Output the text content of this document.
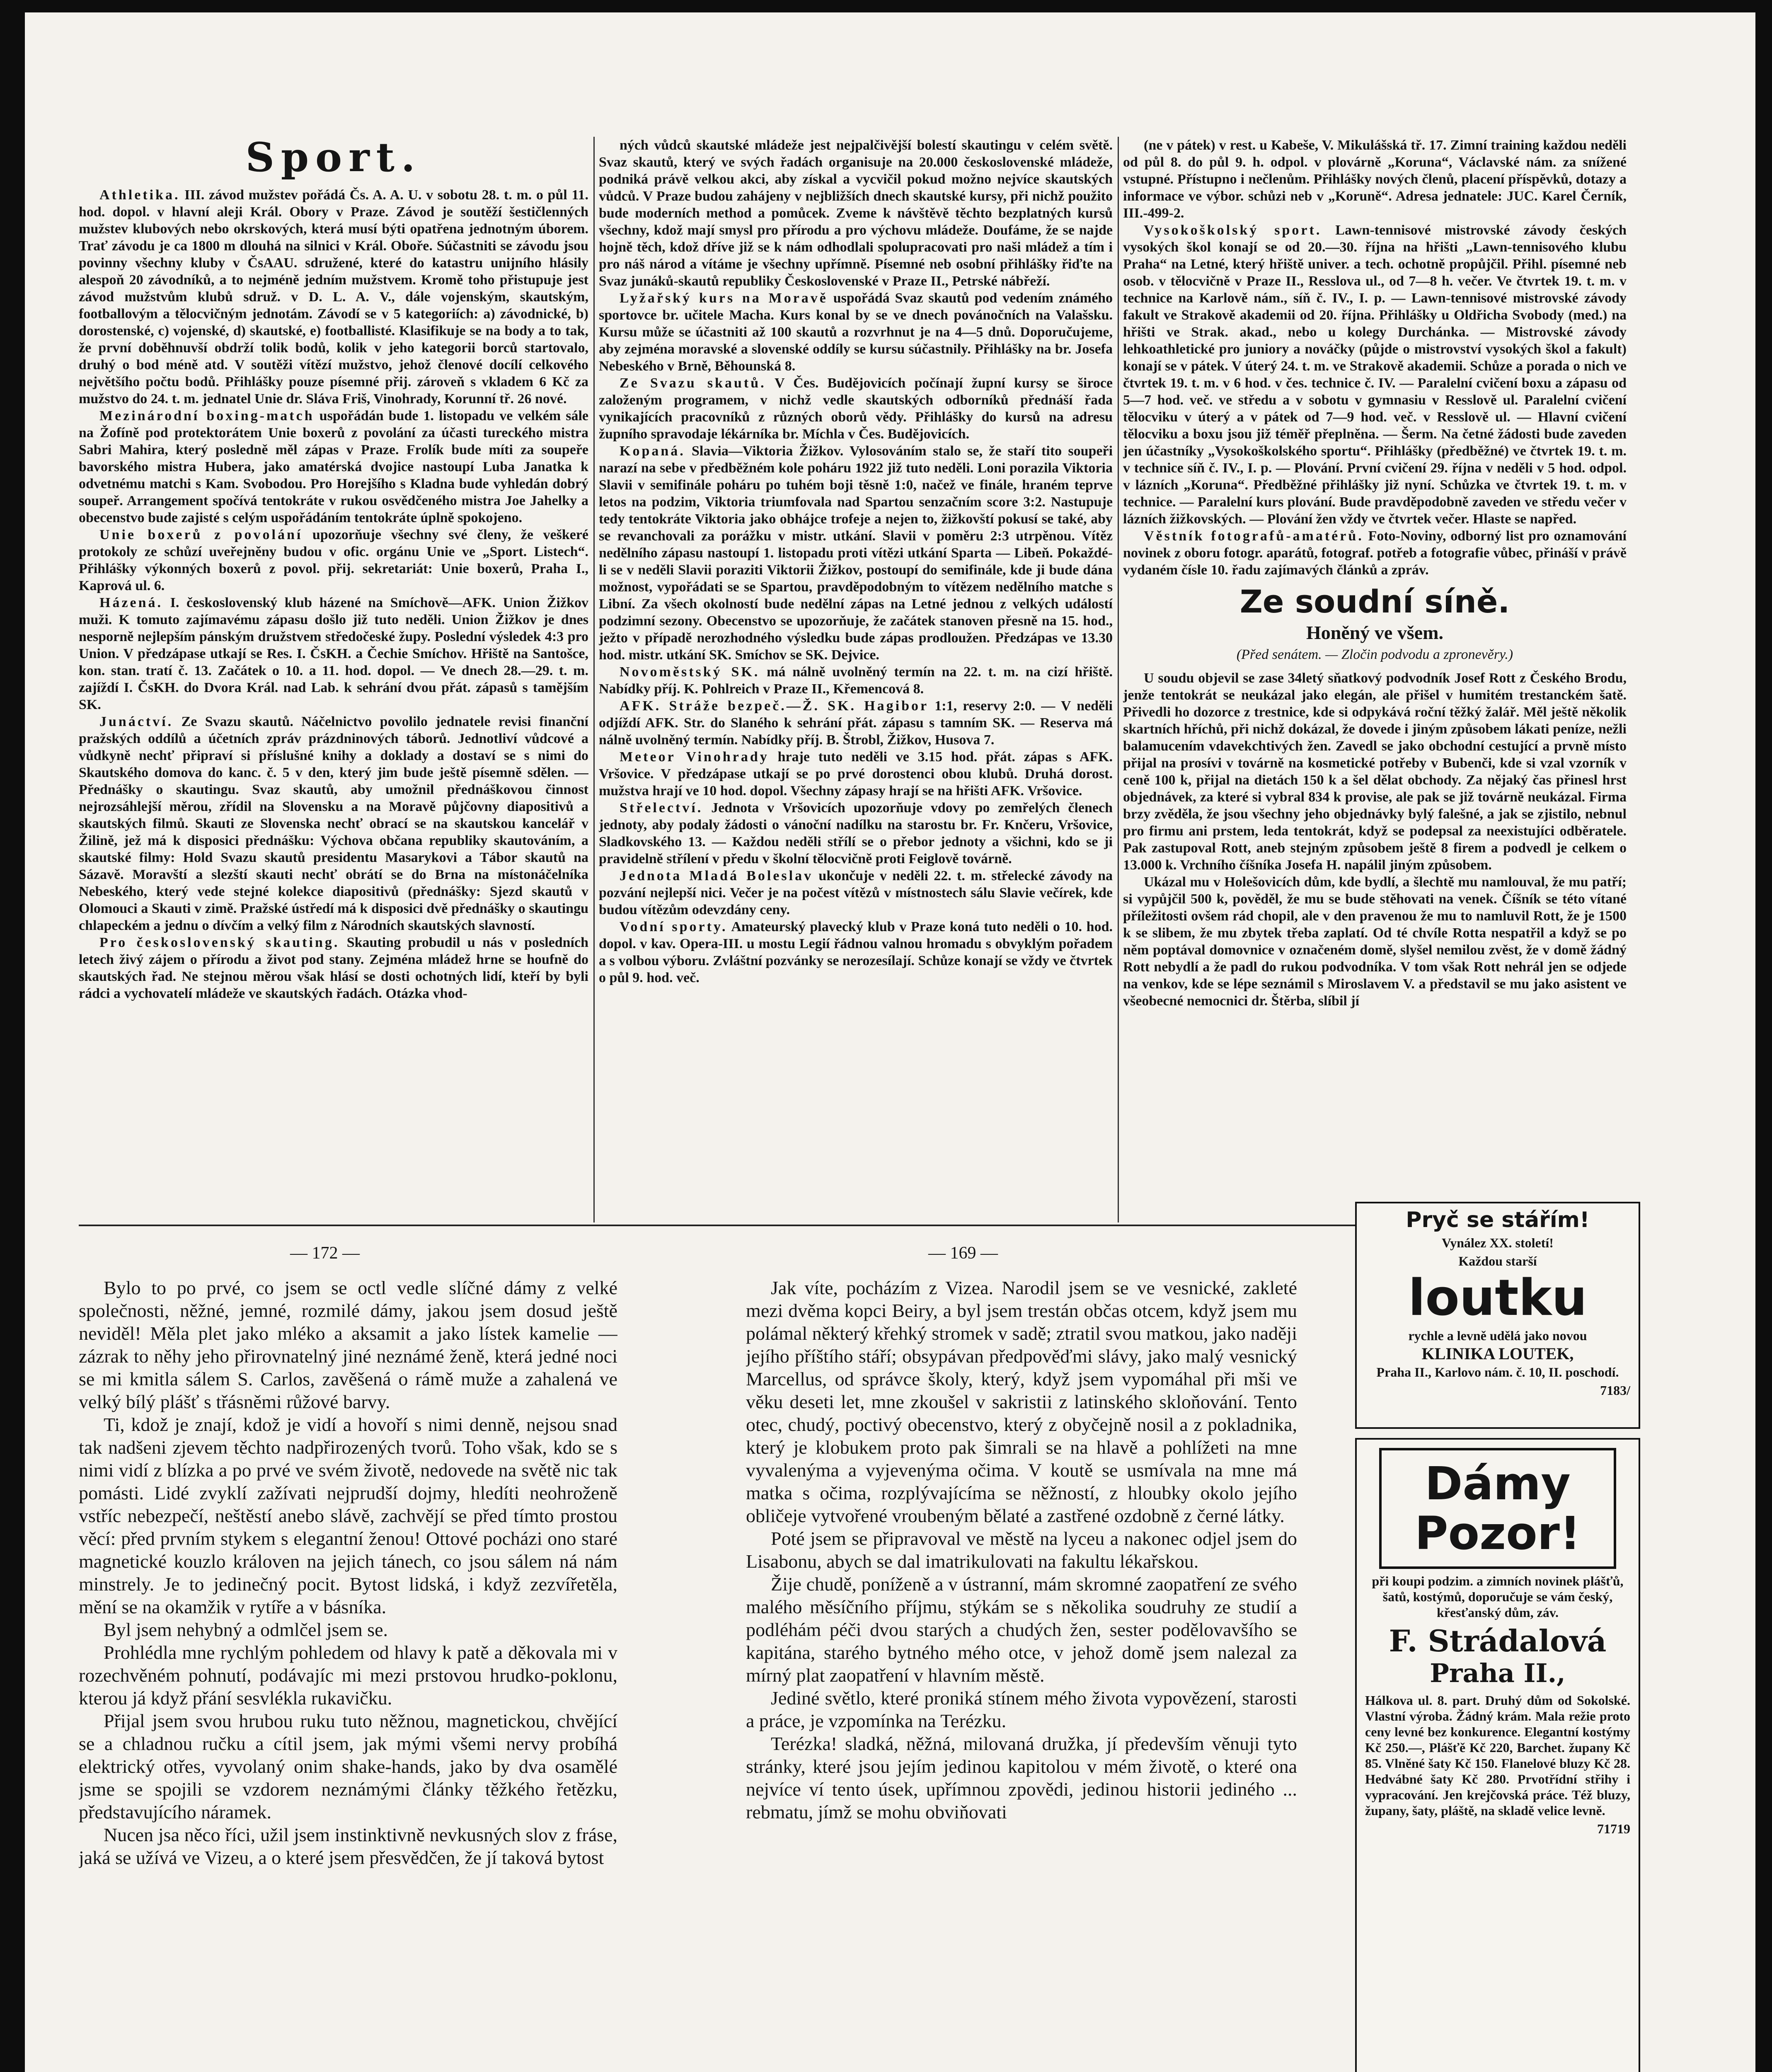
Sport.

Athletika. III. závod mužstev pořádá Čs. A. A. U. v sobotu 28. t. m. o půl 11. hod. dopol. v hlavní aleji Král. Obory v Praze. Závod je soutěží šestičlenných mužstev klubových nebo okrskových, která musí býti opatřena jednotným úborem. Trať závodu je ca 1800 m dlouhá na silnici v Král. Oboře. Súčastniti se závodu jsou povinny všechny kluby v ČsAAU. sdružené, které do katastru unijního hlásily alespoň 20 závodníků, a to nejméně jedním mužstvem. Kromě toho přistupuje jest závod mužstvům klubů sdruž. v D. L. A. V., dále vojenským, skautským, footballovým a tělocvičným jednotám. Závodí se v 5 kategoriích: a) závodnické, b) dorostenské, c) vojenské, d) skautské, e) footballisté. Klasifikuje se na body a to tak, že první doběhnuvší obdrží tolik bodů, kolik v jeho kategorii borců startovalo, druhý o bod méně atd. V soutěži vítězí mužstvo, jehož členové docílí celkového největšího počtu bodů. Přihlášky pouze písemné přij. zároveň s vkladem 6 Kč za mužstvo do 24. t. m. jednatel Unie dr. Sláva Friš, Vinohrady, Korunní tř. 26 nové.

Mezinárodní boxing-match uspořádán bude 1. listopadu ve velkém sále na Žofíně pod protektorátem Unie boxerů z povolání za účasti tureckého mistra Sabri Mahira, který posledně měl zápas v Praze. Frolík bude míti za soupeře bavorského mistra Hubera, jako amatérská dvojice nastoupí Luba Janatka k odvetnému matchi s Kam. Svobodou. Pro Horejšího s Kladna bude vyhledán dobrý soupeř. Arrangement spočívá tentokráte v rukou osvědčeného mistra Joe Jahelky a obecenstvo bude zajisté s celým uspořádáním tentokráte úplně spokojeno.

Unie boxerů z povolání upozorňuje všechny své členy, že veškeré protokoly ze schůzí uveřejněny budou v ofic. orgánu Unie ve „Sport. Listech“. Přihlášky výkonných boxerů z povol. přij. sekretariát: Unie boxerů, Praha I., Kaprová ul. 6.

Házená. I. československý klub házené na Smíchově—AFK. Union Žižkov muži. K tomuto zajímavému zápasu došlo již tuto neděli. Union Žižkov je dnes nesporně nejlepším pánským družstvem středočeské župy. Poslední výsledek 4:3 pro Union. V předzápase utkají se Res. I. ČsKH. a Čechie Smíchov. Hřiště na Santošce, kon. stan. tratí č. 13. Začátek o 10. a 11. hod. dopol. — Ve dnech 28.—29. t. m. zajíždí I. ČsKH. do Dvora Král. nad Lab. k sehrání dvou přát. zápasů s tamějším SK.

Junáctví. Ze Svazu skautů. Náčelnictvo povolilo jednatele revisi finanční pražských oddílů a účetních zpráv prázdninových táborů. Jednotliví vůdcové a vůdkyně nechť připraví si příslušné knihy a doklady a dostaví se s nimi do Skautského domova do kanc. č. 5 v den, který jim bude ještě písemně sdělen. — Přednášky o skautingu. Svaz skautů, aby umožnil přednáškovou činnost nejrozsáhlejší měrou, zřídil na Slovensku a na Moravě půjčovny diapositivů a skautských filmů. Skauti ze Slovenska nechť obrací se na skautskou kancelář v Žilině, jež má k disposici přednášku: Výchova občana republiky skautováním, a skautské filmy: Hold Svazu skautů presidentu Masarykovi a Tábor skautů na Sázavě. Moravští a slezští skauti nechť obrátí se do Brna na místonáčelníka Nebeského, který vede stejné kolekce diapositivů (přednášky: Sjezd skautů v Olomouci a Skauti v zimě. Pražské ústředí má k disposici dvě přednášky o skautingu chlapeckém a jednu o dívčím a velký film z Národních skautských slavností.

Pro československý skauting. Skauting probudil u nás v posledních letech živý zájem o přírodu a život pod stany. Zejména mládež hrne se houfně do skautských řad. Ne stejnou měrou však hlásí se dosti ochotných lidí, kteří by byli rádci a vychovatelí mládeže ve skautských řadách. Otázka vhod-

ných vůdců skautské mládeže jest nejpalčivější bolestí skautingu v celém světě. Svaz skautů, který ve svých řadách organisuje na 20.000 československé mládeže, podniká právě velkou akci, aby získal a vycvičil pokud možno nejvíce skautských vůdců. V Praze budou zahájeny v nejbližších dnech skautské kursy, při nichž použito bude moderních method a pomůcek. Zveme k návštěvě těchto bezplatných kursů všechny, kdož mají smysl pro přírodu a pro výchovu mládeže. Doufáme, že se najde hojně těch, kdož dříve již se k nám odhodlali spolupracovati pro naši mládež a tím i pro náš národ a vítáme je všechny upřímně. Písemné neb osobní přihlášky řiďte na Svaz junáků-skautů republiky Československé v Praze II., Petrské nábřeží.

Lyžařský kurs na Moravě uspořádá Svaz skautů pod vedením známého sportovce br. učitele Macha. Kurs konal by se ve dnech povánočních na Valašsku. Kursu může se účastniti až 100 skautů a rozvrhnut je na 4—5 dnů. Doporučujeme, aby zejména moravské a slovenské oddíly se kursu súčastnily. Přihlášky na br. Josefa Nebeského v Brně, Běhounská 8.

Ze Svazu skautů. V Čes. Budějovicích počínají župní kursy se široce založeným programem, v nichž vedle skautských odborníků přednáší řada vynikajících pracovníků z různých oborů vědy. Přihlášky do kursů na adresu župního spravodaje lékárníka br. Míchla v Čes. Budějovicích.

Kopaná. Slavia—Viktoria Žižkov. Vylosováním stalo se, že staří tito soupeři narazí na sebe v předběžném kole poháru 1922 již tuto neděli. Loni porazila Viktoria Slavii v semifinále poháru po tuhém boji těsně 1:0, načež ve finále, hraném teprve letos na podzim, Viktoria triumfovala nad Spartou senzačním score 3:2. Nastupuje tedy tentokráte Viktoria jako obhájce trofeje a nejen to, žižkovští pokusí se také, aby se revanchovali za porážku v mistr. utkání. Slavii v poměru 2:3 utrpěnou. Vítěz nedělního zápasu nastoupí 1. listopadu proti vítězi utkání Sparta — Libeň. Pokaždé-li se v neděli Slavii poraziti Viktorii Žižkov, postoupí do semifinále, kde ji bude dána možnost, vypořádati se se Spartou, pravděpodobným to vítězem nedělního matche s Libní. Za všech okolností bude nedělní zápas na Letné jednou z velkých událostí podzimní sezony. Obecenstvo se upozorňuje, že začátek stanoven přesně na 15. hod., ježto v případě nerozhodného výsledku bude zápas prodloužen. Předzápas ve 13.30 hod. mistr. utkání SK. Smíchov se SK. Dejvice.

Novoměstský SK. má nálně uvolněný termín na 22. t. m. na cizí hřiště. Nabídky příj. K. Pohlreich v Praze II., Křemencová 8.

AFK. Stráže bezpeč.—Ž. SK. Hagibor 1:1, reservy 2:0. — V neděli odjíždí AFK. Str. do Slaného k sehrání přát. zápasu s tamním SK. — Reserva má nálně uvolněný termín. Nabídky příj. B. Štrobl, Žižkov, Husova 7.

Meteor Vinohrady hraje tuto neděli ve 3.15 hod. přát. zápas s AFK. Vršovice. V předzápase utkají se po prvé dorostenci obou klubů. Druhá dorost. mužstva hrají ve 10 hod. dopol. Všechny zápasy hrají se na hřišti AFK. Vršovice.

Střelectví. Jednota v Vršovicích upozorňuje vdovy po zemřelých členech jednoty, aby podaly žádosti o vánoční nadílku na starostu br. Fr. Knčeru, Vršovice, Sladkovského 13. — Každou neděli střílí se o přebor jednoty a všichni, kdo se ji pravidelně střílení v předu v školní tělocvičně proti Feiglově továrně.

Jednota Mladá Boleslav ukončuje v neděli 22. t. m. střelecké závody na pozvání nejlepší nici. Večer je na počest vítězů v místnostech sálu Slavie večírek, kde budou vítězům odevzdány ceny.

Vodní sporty. Amateurský plavecký klub v Praze koná tuto neděli o 10. hod. dopol. v kav. Opera-III. u mostu Legií řádnou valnou hromadu s obvyklým pořadem a s volbou výboru. Zvláštní pozvánky se nerozesílají. Schůze konají se vždy ve čtvrtek o půl 9. hod. več.

(ne v pátek) v rest. u Kabeše, V. Mikulášská tř. 17. Zimní training každou neděli od půl 8. do půl 9. h. odpol. v plovárně „Koruna“, Václavské nám. za snížené vstupné. Přístupno i nečlenům. Přihlášky nových členů, placení příspěvků, dotazy a informace ve výbor. schůzi neb v „Koruně“. Adresa jednatele: JUC. Karel Černík, III.-499-2.

Vysokoškolský sport. Lawn-tennisové mistrovské závody českých vysokých škol konají se od 20.—30. října na hřišti „Lawn-tennisového klubu Praha“ na Letné, který hřiště univer. a tech. ochotně propůjčil. Přihl. písemné neb osob. v tělocvičně v Praze II., Resslova ul., od 7—8 h. večer. Ve čtvrtek 19. t. m. v technice na Karlově nám., síň č. IV., I. p. — Lawn-tennisové mistrovské závody fakult ve Strakově akademii od 20. října. Přihlášky u Oldřicha Svobody (med.) na hřišti ve Strak. akad., nebo u kolegy Durchánka. — Mistrovské závody lehkoathletické pro juniory a nováčky (půjde o mistrovství vysokých škol a fakult) konají se v pátek. V úterý 24. t. m. ve Strakově akademii. Schůze a porada o nich ve čtvrtek 19. t. m. v 6 hod. v čes. technice č. IV. — Paralelní cvičení boxu a zápasu od 5—7 hod. več. ve středu a v sobotu v gymnasiu v Resslově ul. Paralelní cvičení tělocviku v úterý a v pátek od 7—9 hod. več. v Resslově ul. — Hlavní cvičení tělocviku a boxu jsou již téměř přeplněna. — Šerm. Na četné žádosti bude zaveden jen účastníky „Vysokoškolského sportu“. Přihlášky (předběžné) ve čtvrtek 19. t. m. v technice síň č. IV., I. p. — Plování. První cvičení 29. října v neděli v 5 hod. odpol. v lázních „Koruna“. Předběžné přihlášky již nyní. Schůzka ve čtvrtek 19. t. m. v technice. — Paralelní kurs plování. Bude pravděpodobně zaveden ve středu večer v lázních žižkovských. — Plování žen vždy ve čtvrtek večer. Hlaste se napřed.

Věstník fotografů-amatérů. Foto-Noviny, odborný list pro oznamování novinek z oboru fotogr. aparátů, fotograf. potřeb a fotografie vůbec, přináší v právě vydaném čísle 10. řadu zajímavých článků a zpráv.

Ze soudní síně.
Honěný ve všem.
(Před senátem. — Zločin podvodu a zpronevěry.)

U soudu objevil se zase 34letý sňatkový podvodník Josef Rott z Českého Brodu, jenže tentokrát se neukázal jako elegán, ale přišel v humitém trestanckém šatě. Přivedli ho dozorce z trestnice, kde si odpykává roční těžký žalář. Měl ještě několik skartních hříchů, při nichž dokázal, že dovede i jiným způsobem lákati peníze, nežli balamucením vdavekchtivých žen. Zavedl se jako obchodní cestující a prvně místo přijal na prosívi v továrně na kosmetické potřeby v Bubenči, kde si vzal vzorník v ceně 100 k, přijal na dietách 150 k a šel dělat obchody. Za nějaký čas přinesl hrst objednávek, za které si vybral 834 k provise, ale pak se již továrně neukázal. Firma brzy zvěděla, že jsou všechny jeho objednávky bylý falešné, a jak se zjistilo, nebnul pro firmu ani prstem, leda tentokrát, když se podepsal za neexistujíci odběratele. Pak zastupoval Rott, aneb stejným způsobem ještě 8 firem a podvedl je celkem o 13.000 k. Vrchního číšníka Josefa H. napálil jiným způsobem.

Ukázal mu v Holešovicích dům, kde bydlí, a šlechtě mu namlouval, že mu patří; si vypůjčil 500 k, pověděl, že mu se bude stěhovati na venek. Číšník se této vítané příležitosti ovšem rád chopil, ale v den pravenou že mu to namluvil Rott, že je 1500 k se slibem, že mu zbytek třeba zaplatí. Od té chvíle Rotta nespatřil a když se po něm poptával domovnice v označeném domě, slyšel nemilou zvěst, že v domě žádný Rott nebydlí a že padl do rukou podvodníka. V tom však Rott nehrál jen se odjede na venkov, kde se lépe seznámil s Miroslavem V. a představil se mu jako asistent ve všeobecné nemocnici dr. Štěrba, slíbil jí

— 172 —	— 169 —

Bylo to po prvé, co jsem se octl vedle slíčné dámy z velké společnosti, něžné, jemné, rozmilé dámy, jakou jsem dosud ještě neviděl! Měla plet jako mléko a aksamit a jako lístek kamelie — zázrak to něhy jeho přirovnatelný jiné neznámé ženě, která jedné noci se mi kmitla sálem S. Carlos, zavěšená o rámě muže a zahalená ve velký bílý plášť s třásněmi růžové barvy.

Ti, kdož je znají, kdož je vidí a hovoří s nimi denně, nejsou snad tak nadšeni zjevem těchto nadpřirozených tvorů. Toho však, kdo se s nimi vidí z blízka a po prvé ve svém životě, nedovede na světě nic tak pomásti. Lidé zvyklí zažívati nejprudší dojmy, hledíti neohroženě vstříc nebezpečí, neštěstí anebo slávě, zachvějí se před tímto prostou věcí: před prvním stykem s elegantní ženou! Ottové pocházi ono staré magnetické kouzlo královen na jejich tánech, co jsou sálem ná nám minstrely. Je to jedinečný pocit. Bytost lidská, i když zezvířetěla, mění se na okamžik v rytíře a v básníka.

Byl jsem nehybný a odmlčel jsem se.

Prohlédla mne rychlým pohledem od hlavy k patě a děkovala mi v rozechvěném pohnutí, podávajíc mi mezi prstovou hrudko-poklonu, kterou já když přání sesvlékla rukavičku.

Přijal jsem svou hrubou ruku tuto něžnou, magnetickou, chvějící se a chladnou ručku a cítil jsem, jak mými všemi nervy probíhá elektrický otřes, vyvolaný onim shake-hands, jako by dva osamělé jsme se spojili se vzdorem neznámými články těžkého řetězku, představujícího náramek.

Nucen jsa něco říci, užil jsem instinktivně nevkusných slov z fráse, jaká se užívá ve Vizeu, a o které jsem přesvědčen, že jí taková bytost

Jak víte, pocházím z Vizea. Narodil jsem se ve vesnické, zakleté mezi dvěma kopci Beiry, a byl jsem trestán občas otcem, když jsem mu polámal některý křehký stromek v sadě; ztratil svou matkou, jako naději jejího příštího stáří; obsypávan předpověďmi slávy, jako malý vesnický Marcellus, od správce školy, který, když jsem vypomáhal při mši ve věku deseti let, mne zkoušel v sakristii z latinského skloňování. Tento otec, chudý, poctivý obecenstvo, který z obyčejně nosil a z pokladnika, který je klobukem proto pak šimrali se na hlavě a pohlížeti na mne vyvalenýma a vyjevenýma očima. V koutě se usmívala na mne má matka s očima, rozplývajícíma se něžností, z hloubky okolo jejího obličeje vytvořené vroubeným bělaté a zastřené ozdobně z černé látky.

Poté jsem se připravoval ve městě na lyceu a nakonec odjel jsem do Lisabonu, abych se dal imatrikulovati na fakultu lékařskou.

Žije chudě, poníženě a v ústranní, mám skromné zaopatření ze svého malého měsíčního příjmu, stýkám se s několika soudruhy ze studií a podléhám péči dvou starých a chudých žen, sester podělovavšího se kapitána, starého bytného mého otce, v jehož domě jsem nalezal za mírný plat zaopatření v hlavním městě.

Jediné světlo, které proniká stínem mého života vypovězení, starosti a práce, je vzpomínka na Terézku.

Terézka! sladká, něžná, milovaná družka, jí především věnuji tyto stránky, které jsou jejím jedinou kapitolou v mém životě, o které ona nejvíce ví tento úsek, upřímnou zpovědi, jedinou historii jediného ... rebmatu, jímž se mohu obviňovati

Pryč se stářím!
Vynález XX. století!
Každou starší
loutku
rychle a levně udělá jako novou
KLINIKA LOUTEK,
Praha II., Karlovo nám. č. 10, II. poschodí.
7183/
Dámy Pozor!
při koupi podzim. a zimních novinek plášťů, šatů, kostýmů, doporučuje se vám český, křesťanský dům, záv.
F. Strádalová
Praha II.,
Hálkova ul. 8. part. Druhý dům od Sokolské. Vlastní výroba. Žádný krám. Mala režie proto ceny levné bez konkurence. Elegantní kostýmy Kč 250.—, Plášťě Kč 220, Barchet. župany Kč 85. Vlněné šaty Kč 150. Flanelové bluzy Kč 28. Hedvábné šaty Kč 280. Prvotřídní střihy i vypracování. Jen krejčovská práce. Též bluzy, župany, šaty, pláště, na skladě velice levně.
71719
